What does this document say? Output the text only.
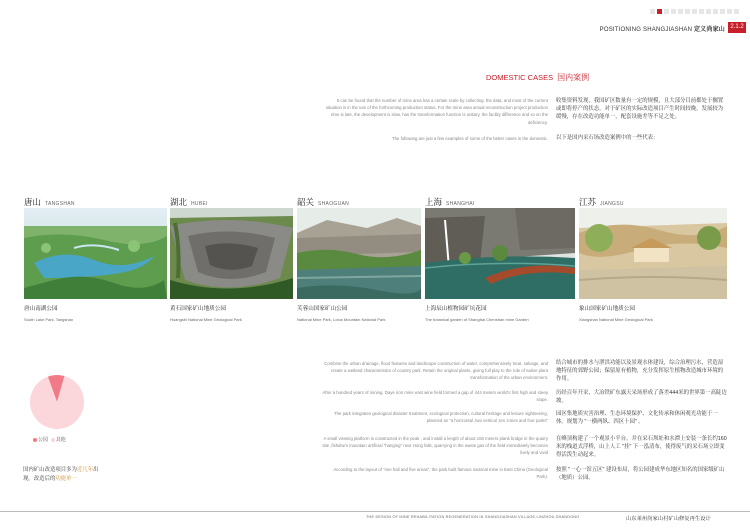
POSITIONING SHANGJIASHAN 定义尚家山 2.1.2
DOMESTIC CASES 国内案例
It can be found that the number of mine area has a certain scale by collecting: the data, and most of the current situation is in the use of the forthcoming production status. For the mine area actual reconstruction project production time is late, the development is slow, has the transformation function is unitary, the facility difference and so on the deficiency.
收集资料发现，我国矿区数量有一定的规模，且大部分目前都处于搁置或即将停产的状态，对于矿区的实际改造项目产生时间较晚，发展较为缓慢，存在改造功能单一，配套设施差等不足之处。
The following are just a few examples of some of the better cases in the domestic. 以下是国内采石场改造案例中的一些代表：
唐山 TANGSHAN
唐山南湖公园
South Lake Park, Tangshan
湖北 HUBEI
黄石国家矿山地质公园
Huangshi National Mine Geological Park
韶关 SHAOGUAN
芙蓉山国家矿山公园
National Mine Park, Lotus Mountain National Park
上海 SHANGHAI
上海辰山植物园矿坑花园
The botanical garden of Shanghai Chenshan mine Garden
江苏 JIANGSU
象山国家矿山地质公园
Xiangshan National Mine Geological Park
Combine the urban drainage, flood features and landscape construction of water, comprehensively treat, salvage, and create a wetland characteristics of country park. Retain the original plants, giving full play to the role of native plant transformation of the urban environment.
结合城市的排水与泄洪功能以及景观水体建设，综合治理污水，营造湿地特征的郊野公园；保留原有植物，充分发挥原生植物改造城市环境的作用。
After a hundred years of mining, Daye iron mine east wine field formed a gap of 444 meters world's first high and steep slope.
历经百年开采，大冶铁矿东露天采场形成了落差444米的世界第一高陡边坡。
The park integrates geological disaster treatment, ecological protection, cultural heritage and leisure sightseeing, planned as "a horizontal ,two vertical ,ten zones and four parks"
园区集地质灾害治理、生态环境保护、文化传承和休闲观光功能于一体。规划为 "一横两纵、四区十园" 。
A small viewing platform is constructed in the peak , and install a length of about 160 meters plank bridge in the quarry site ,fishdrum mountain artificial "hanging" next Hong falls, quarrying in the waste gas of the field immediately becomes lively and vivid
在峰顶构建了一个观景小平台，并在采石坝址和水潭上安装一条长约160米的栈道式浮桥，山上人工 "挂" 下一泓清布，使得废气的采石场立即变得活泼生动起来。
According to the layout of "one hall and five areas", the park built famous national mine in East China (Geological Park).
按照 "一心一馆五区" 建设布局，将公园建成华东地区知名的国家级矿山（地质）公园。
公园 其他
国内矿山改造项目多为近几年出现。改造后的功能单一
THE DESIGN OF MINE REHABILITATION REGENERATION IN SHANGJIASHAN VILLAGE,LINZHOU,SHANDONG	山东莱州尚家山村矿山修复再生设计
